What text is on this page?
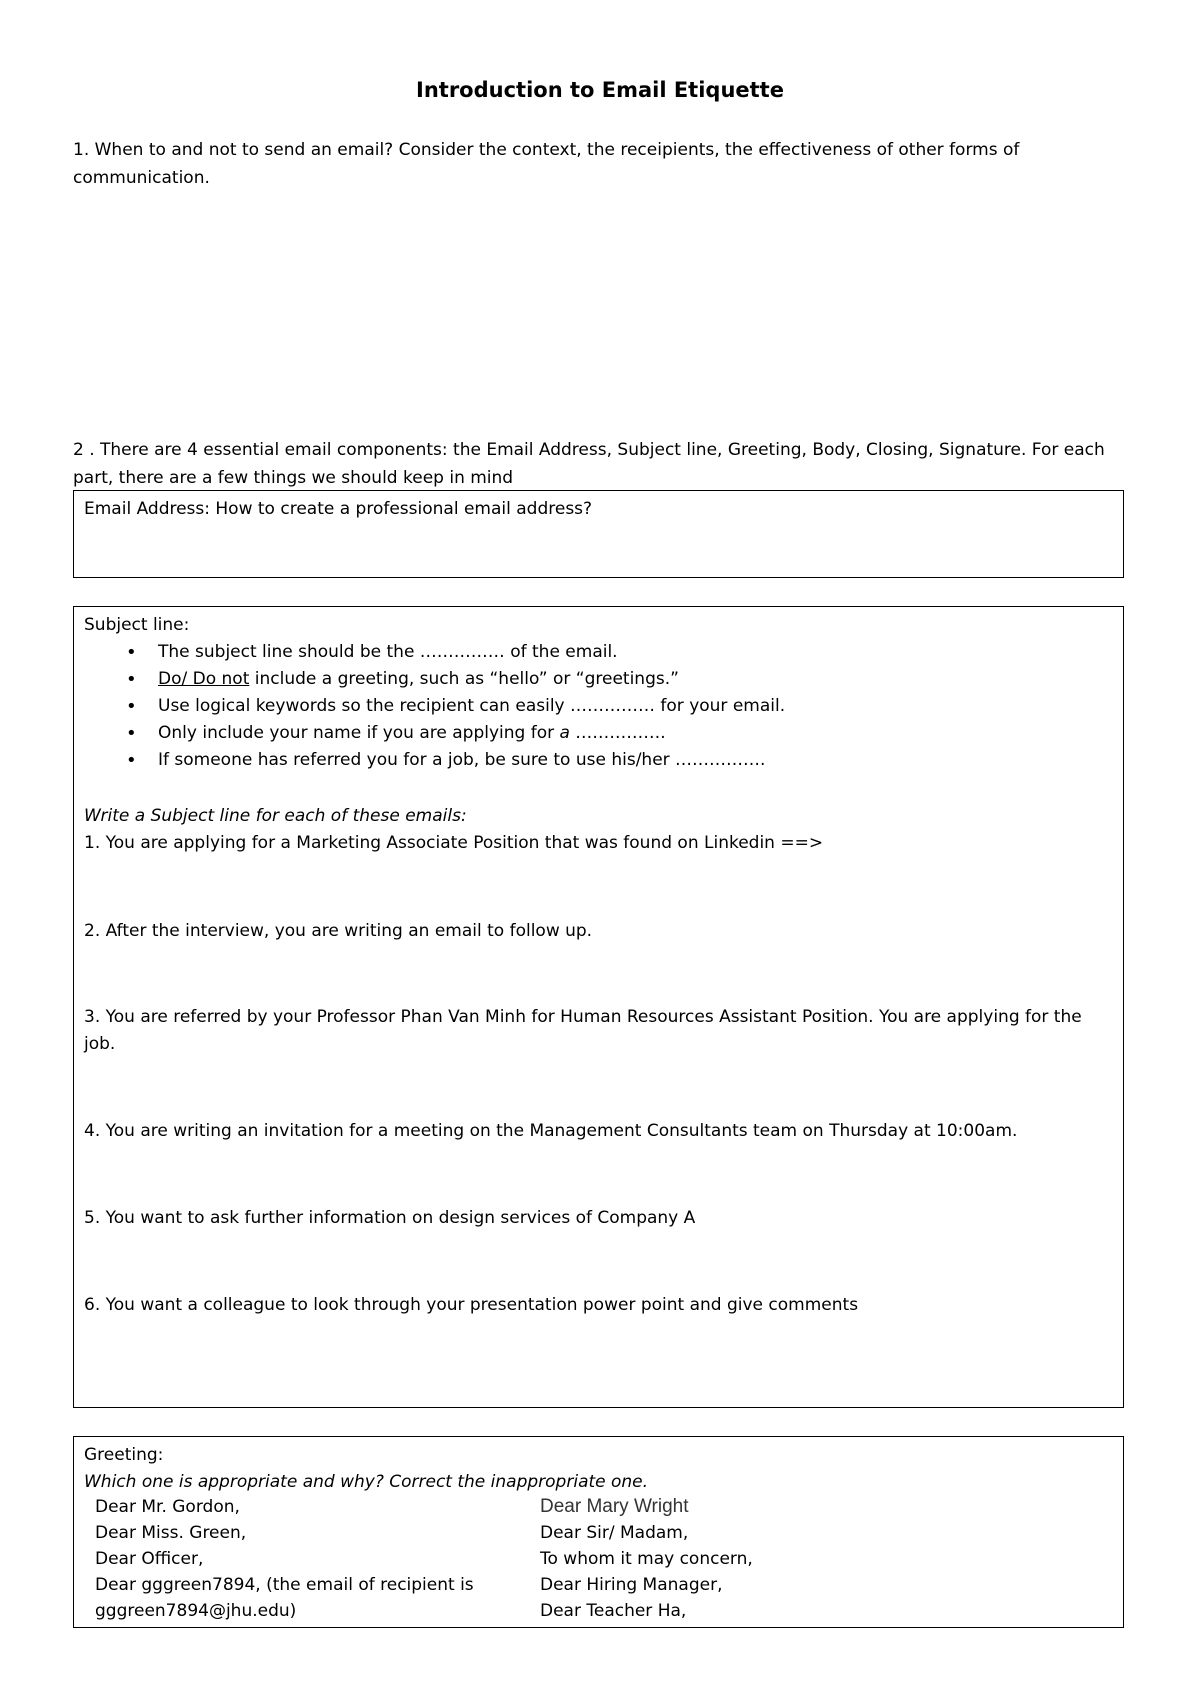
Introduction to Email Etiquette

1. When to and not to send an email? Consider the context, the receipients, the effectiveness of other forms of communication.

2 . There are 4 essential email components: the Email Address, Subject line, Greeting, Body, Closing, Signature. For each part, there are a few things we should keep in mind

Email Address: How to create a professional email address?

Subject line:

• The subject line should be the …………… of the email.
• Do/ Do not include a greeting, such as “hello” or “greetings.”
• Use logical keywords so the recipient can easily …………… for your email.
• Only include your name if you are applying for a …………….
• If someone has referred you for a job, be sure to use his/her …………….

Write a Subject line for each of these emails:

1. You are applying for a Marketing Associate Position that was found on Linkedin ==>

2. After the interview, you are writing an email to follow up.

3. You are referred by your Professor Phan Van Minh for Human Resources Assistant Position. You are applying for the job.

4. You are writing an invitation for a meeting on the Management Consultants team on Thursday at 10:00am.

5. You want to ask further information on design services of Company A

6. You want a colleague to look through your presentation power point and give comments

Greeting:

Which one is appropriate and why? Correct the inappropriate one.

Dear Mr. Gordon,
Dear Miss. Green,
Dear Officer,
Dear gggreen7894, (the email of recipient is
gggreen7894@jhu.edu)
Dear Mary Wright
Dear Sir/ Madam,
To whom it may concern,
Dear Hiring Manager,
Dear Teacher Ha,
